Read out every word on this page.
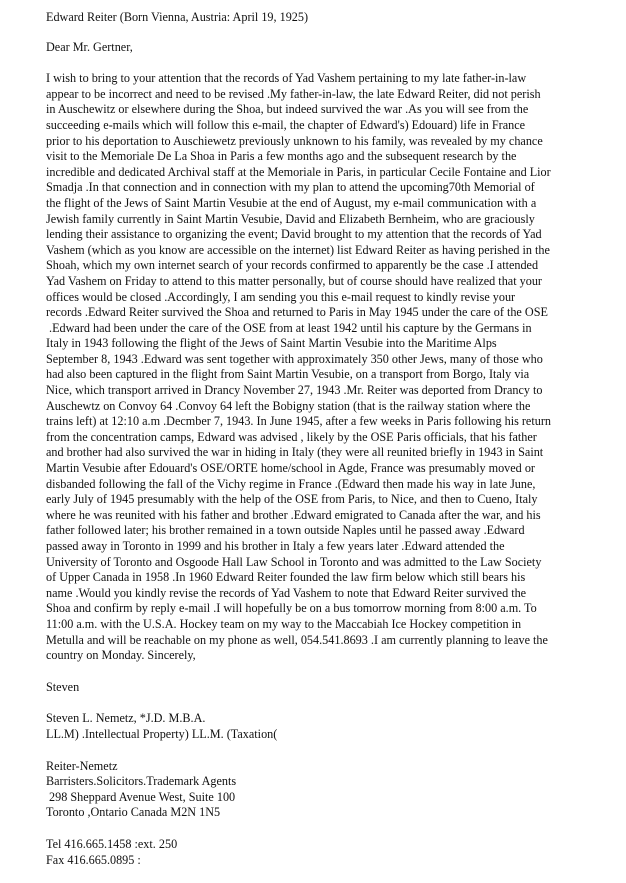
Edward Reiter (Born Vienna, Austria: April 19, 1925)
Dear Mr. Gertner,
I wish to bring to your attention that the records of Yad Vashem pertaining to my late father-in-law
appear to be incorrect and need to be revised .My father-in-law, the late Edward Reiter, did not perish
in Auschewitz or elsewhere during the Shoa, but indeed survived the war .As you will see from the
succeeding e-mails which will follow this e-mail, the chapter of Edward's) Edouard) life in France
prior to his deportation to Auschiewetz previously unknown to his family, was revealed by my chance
visit to the Memoriale De La Shoa in Paris a few months ago and the subsequent research by the
incredible and dedicated Archival staff at the Memoriale in Paris, in particular Cecile Fontaine and Lior
Smadja .In that connection and in connection with my plan to attend the upcoming70th Memorial of
the flight of the Jews of Saint Martin Vesubie at the end of August, my e-mail communication with a
Jewish family currently in Saint Martin Vesubie, David and Elizabeth Bernheim, who are graciously
lending their assistance to organizing the event; David brought to my attention that the records of Yad
Vashem (which as you know are accessible on the internet) list Edward Reiter as having perished in the
Shoah, which my own internet search of your records confirmed to apparently be the case .I attended
Yad Vashem on Friday to attend to this matter personally, but of course should have realized that your
offices would be closed .Accordingly, I am sending you this e-mail request to kindly revise your
records .Edward Reiter survived the Shoa and returned to Paris in May 1945 under the care of the OSE
.Edward had been under the care of the OSE from at least 1942 until his capture by the Germans in
Italy in 1943 following the flight of the Jews of Saint Martin Vesubie into the Maritime Alps
September 8, 1943 .Edward was sent together with approximately 350 other Jews, many of those who
had also been captured in the flight from Saint Martin Vesubie, on a transport from Borgo, Italy via
Nice, which transport arrived in Drancy November 27, 1943 .Mr. Reiter was deported from Drancy to
Auschewtz on Convoy 64 .Convoy 64 left the Bobigny station (that is the railway station where the
trains left) at 12:10 a.m .Decmber 7, 1943. In June 1945, after a few weeks in Paris following his return
from the concentration camps, Edward was advised , likely by the OSE Paris officials, that his father
and brother had also survived the war in hiding in Italy (they were all reunited briefly in 1943 in Saint
Martin Vesubie after Edouard's OSE/ORTE home/school in Agde, France was presumably moved or
disbanded following the fall of the Vichy regime in France .(Edward then made his way in late June,
early July of 1945 presumably with the help of the OSE from Paris, to Nice, and then to Cueno, Italy
where he was reunited with his father and brother .Edward emigrated to Canada after the war, and his
father followed later; his brother remained in a town outside Naples until he passed away .Edward
passed away in Toronto in 1999 and his brother in Italy a few years later .Edward attended the
University of Toronto and Osgoode Hall Law School in Toronto and was admitted to the Law Society
of Upper Canada in 1958 .In 1960 Edward Reiter founded the law firm below which still bears his
name .Would you kindly revise the records of Yad Vashem to note that Edward Reiter survived the
Shoa and confirm by reply e-mail .I will hopefully be on a bus tomorrow morning from 8:00 a.m. To
11:00 a.m. with the U.S.A. Hockey team on my way to the Maccabiah Ice Hockey competition in
Metulla and will be reachable on my phone as well, 054.541.8693 .I am currently planning to leave the
country on Monday. Sincerely,
Steven
Steven L. Nemetz, *J.D. M.B.A.
LL.M) .Intellectual Property) LL.M. (Taxation(
Reiter-Nemetz
Barristers.Solicitors.Trademark Agents
298 Sheppard Avenue West, Suite 100
Toronto ,Ontario Canada M2N 1N5
Tel 416.665.1458 :ext. 250
Fax 416.665.0895 :
